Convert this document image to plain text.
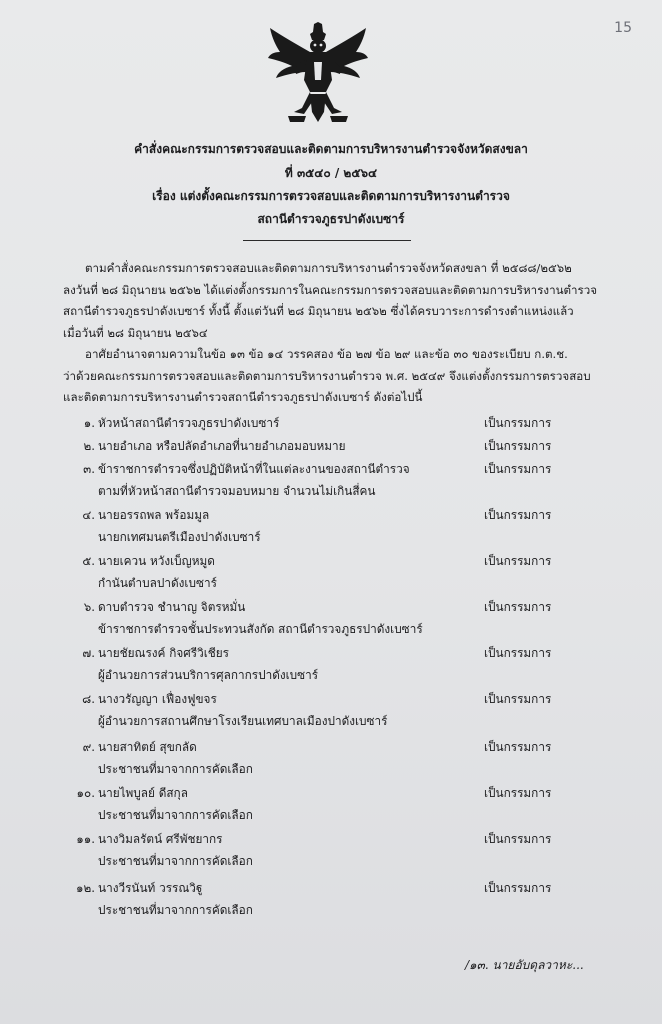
15
คำสั่งคณะกรรมการตรวจสอบและติดตามการบริหารงานตำรวจจังหวัดสงขลา
ที่ ๓๕๔๐ / ๒๕๖๔
เรื่อง แต่งตั้งคณะกรรมการตรวจสอบและติดตามการบริหารงานตำรวจ
สถานีตำรวจภูธรปาดังเบซาร์
ตามคำสั่งคณะกรรมการตรวจสอบและติดตามการบริหารงานตำรวจจังหวัดสงขลา ที่ ๒๕๘๘/๒๕๖๒
ลงวันที่ ๒๘ มิถุนายน ๒๕๖๒ ได้แต่งตั้งกรรมการในคณะกรรมการตรวจสอบและติดตามการบริหารงานตำรวจ
สถานีตำรวจภูธรปาดังเบซาร์ ทั้งนี้ ตั้งแต่วันที่ ๒๘ มิถุนายน ๒๕๖๒ ซึ่งได้ครบวาระการดำรงตำแหน่งแล้ว
เมื่อวันที่ ๒๘ มิถุนายน ๒๕๖๔
อาศัยอำนาจตามความในข้อ ๑๓ ข้อ ๑๔ วรรคสอง ข้อ ๒๗ ข้อ ๒๙ และข้อ ๓๐ ของระเบียบ ก.ต.ช.
ว่าด้วยคณะกรรมการตรวจสอบและติดตามการบริหารงานตำรวจ พ.ศ. ๒๕๔๙ จึงแต่งตั้งกรรมการตรวจสอบ
และติดตามการบริหารงานตำรวจสถานีตำรวจภูธรปาดังเบซาร์ ดังต่อไปนี้
๑. หัวหน้าสถานีตำรวจภูธรปาดังเบซาร์	เป็นกรรมการ
๒. นายอำเภอ หรือปลัดอำเภอที่นายอำเภอมอบหมาย	เป็นกรรมการ
๓. ข้าราชการตำรวจซึ่งปฏิบัติหน้าที่ในแต่ละงานของสถานีตำรวจ	เป็นกรรมการ
ตามที่หัวหน้าสถานีตำรวจมอบหมาย จำนวนไม่เกินสี่คน
๔. นายอรรถพล พร้อมมูล	เป็นกรรมการ
นายกเทศมนตรีเมืองปาดังเบซาร์
๕. นายเควน หวังเบ็ญหมูด	เป็นกรรมการ
กำนันตำบลปาดังเบซาร์
๖. ดาบตำรวจ ชำนาญ จิตรหมั่น	เป็นกรรมการ
ข้าราชการตำรวจชั้นประทวนสังกัด สถานีตำรวจภูธรปาดังเบซาร์
๗. นายชัยณรงค์ กิจศรีวิเชียร	เป็นกรรมการ
ผู้อำนวยการส่วนบริการศุลกากรปาดังเบซาร์
๘. นางวรัญญา เฟื่องฟูขจร	เป็นกรรมการ
ผู้อำนวยการสถานศึกษาโรงเรียนเทศบาลเมืองปาดังเบซาร์
๙. นายสาทิตย์ สุขกลัด	เป็นกรรมการ
ประชาชนที่มาจากการคัดเลือก
๑๐. นายไพบูลย์ ดีสกุล	เป็นกรรมการ
ประชาชนที่มาจากการคัดเลือก
๑๑. นางวิมลรัตน์ ศรีพัชยากร	เป็นกรรมการ
ประชาชนที่มาจากการคัดเลือก
๑๒. นางวีรนันท์ วรรณวิฐู	เป็นกรรมการ
ประชาชนที่มาจากการคัดเลือก
/๑๓. นายอับดุลวาหะ...
